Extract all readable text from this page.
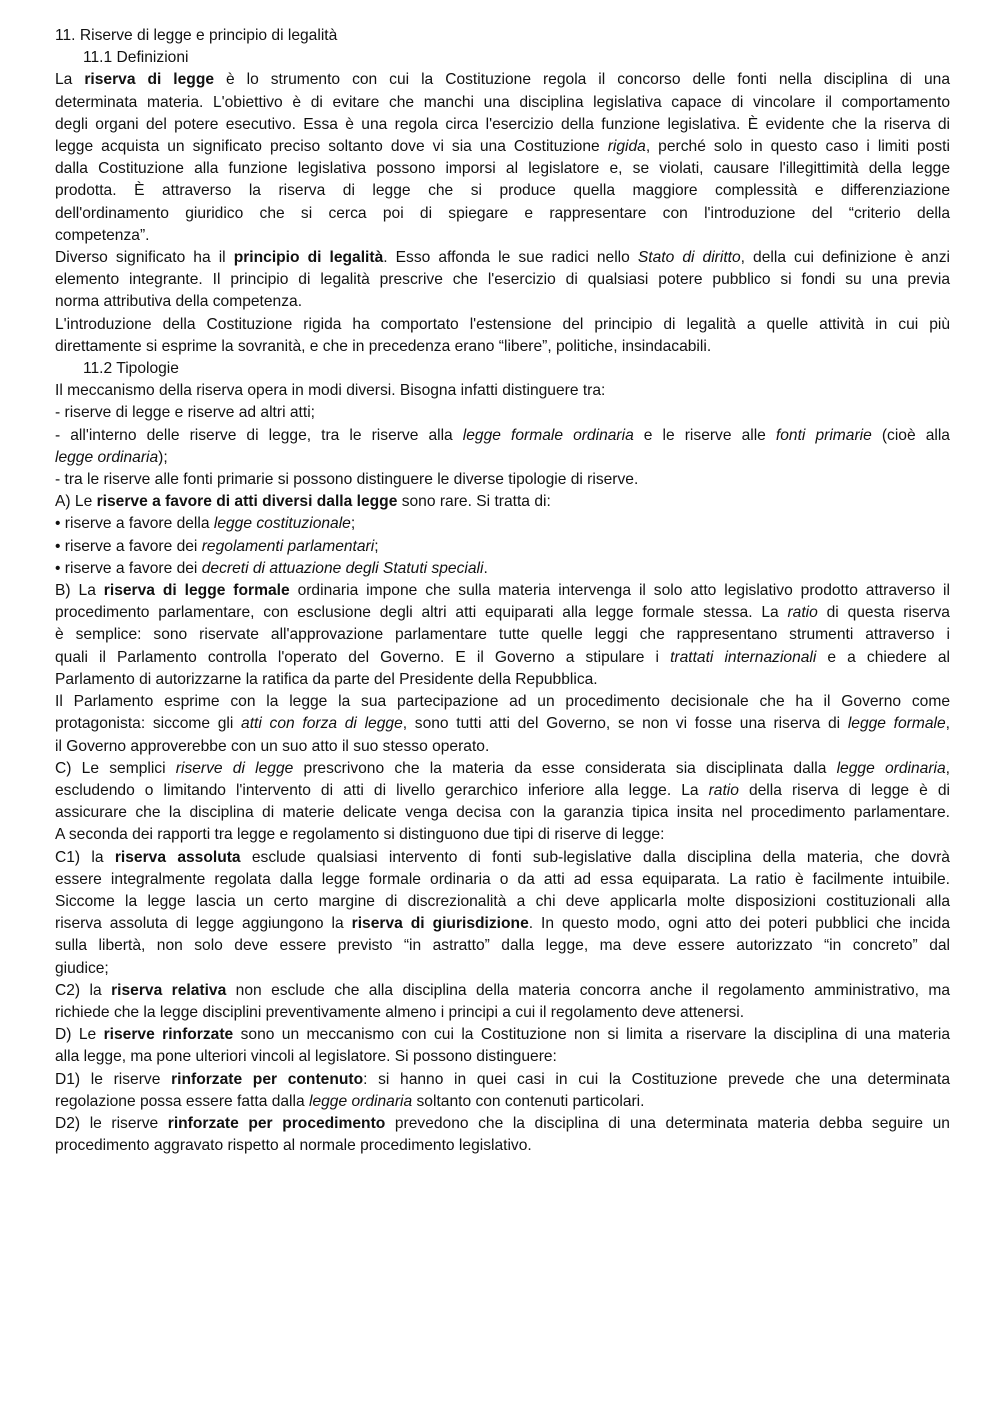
11. Riserve di legge e principio di legalità
11.1 Definizioni

La riserva di legge è lo strumento con cui la Costituzione regola il concorso delle fonti nella disciplina di una
determinata materia. L'obiettivo è di evitare che manchi una disciplina legislativa capace di vincolare il comportamento
degli organi del potere esecutivo. Essa è una regola circa l'esercizio della funzione legislativa. È evidente che la riserva di
legge acquista un significato preciso soltanto dove vi sia una Costituzione rigida, perché solo in questo caso i limiti posti
dalla Costituzione alla funzione legislativa possono imporsi al legislatore e, se violati, causare l'illegittimità della legge
prodotta. È attraverso la riserva di legge che si produce quella maggiore complessità e differenziazione
dell'ordinamento giuridico che si cerca poi di spiegare e rappresentare con l'introduzione del “criterio della
competenza”.

Diverso significato ha il principio di legalità. Esso affonda le sue radici nello Stato di diritto, della cui definizione è anzi
elemento integrante. Il principio di legalità prescrive che l'esercizio di qualsiasi potere pubblico si fondi su una previa
norma attributiva della competenza.

L'introduzione della Costituzione rigida ha comportato l'estensione del principio di legalità a quelle attività in cui più
direttamente si esprime la sovranità, e che in precedenza erano “libere”, politiche, insindacabili.

11.2 Tipologie

Il meccanismo della riserva opera in modi diversi. Bisogna infatti distinguere tra:
- riserve di legge e riserve ad altri atti;
- all'interno delle riserve di legge, tra le riserve alla legge formale ordinaria e le riserve alle fonti primarie (cioè alla
legge ordinaria);
- tra le riserve alle fonti primarie si possono distinguere le diverse tipologie di riserve.

A) Le riserve a favore di atti diversi dalla legge sono rare. Si tratta di:
• riserve a favore della legge costituzionale;
• riserve a favore dei regolamenti parlamentari;
• riserve a favore dei decreti di attuazione degli Statuti speciali.

B) La riserva di legge formale ordinaria impone che sulla materia intervenga il solo atto legislativo prodotto attraverso il
procedimento parlamentare, con esclusione degli altri atti equiparati alla legge formale stessa. La ratio di questa riserva
è semplice: sono riservate all'approvazione parlamentare tutte quelle leggi che rappresentano strumenti attraverso i
quali il Parlamento controlla l'operato del Governo. E il Governo a stipulare i trattati internazionali e a chiedere al
Parlamento di autorizzarne la ratifica da parte del Presidente della Repubblica.

Il Parlamento esprime con la legge la sua partecipazione ad un procedimento decisionale che ha il Governo come
protagonista: siccome gli atti con forza di legge, sono tutti atti del Governo, se non vi fosse una riserva di legge formale,
il Governo approverebbe con un suo atto il suo stesso operato.

C) Le semplici riserve di legge prescrivono che la materia da esse considerata sia disciplinata dalla legge ordinaria,
escludendo o limitando l'intervento di atti di livello gerarchico inferiore alla legge. La ratio della riserva di legge è di
assicurare che la disciplina di materie delicate venga decisa con la garanzia tipica insita nel procedimento parlamentare.
A seconda dei rapporti tra legge e regolamento si distinguono due tipi di riserve di legge:

C1) la riserva assoluta esclude qualsiasi intervento di fonti sub-legislative dalla disciplina della materia, che dovrà
essere integralmente regolata dalla legge formale ordinaria o da atti ad essa equiparata. La ratio è facilmente intuibile.
Siccome la legge lascia un certo margine di discrezionalità a chi deve applicarla molte disposizioni costituzionali alla
riserva assoluta di legge aggiungono la riserva di giurisdizione. In questo modo, ogni atto dei poteri pubblici che incida
sulla libertà, non solo deve essere previsto “in astratto” dalla legge, ma deve essere autorizzato “in concreto” dal
giudice;

C2) la riserva relativa non esclude che alla disciplina della materia concorra anche il regolamento amministrativo, ma
richiede che la legge disciplini preventivamente almeno i principi a cui il regolamento deve attenersi.

D) Le riserve rinforzate sono un meccanismo con cui la Costituzione non si limita a riservare la disciplina di una materia
alla legge, ma pone ulteriori vincoli al legislatore. Si possono distinguere:

D1) le riserve rinforzate per contenuto: si hanno in quei casi in cui la Costituzione prevede che una determinata
regolazione possa essere fatta dalla legge ordinaria soltanto con contenuti particolari.

D2) le riserve rinforzate per procedimento prevedono che la disciplina di una determinata materia debba seguire un
procedimento aggravato rispetto al normale procedimento legislativo.
